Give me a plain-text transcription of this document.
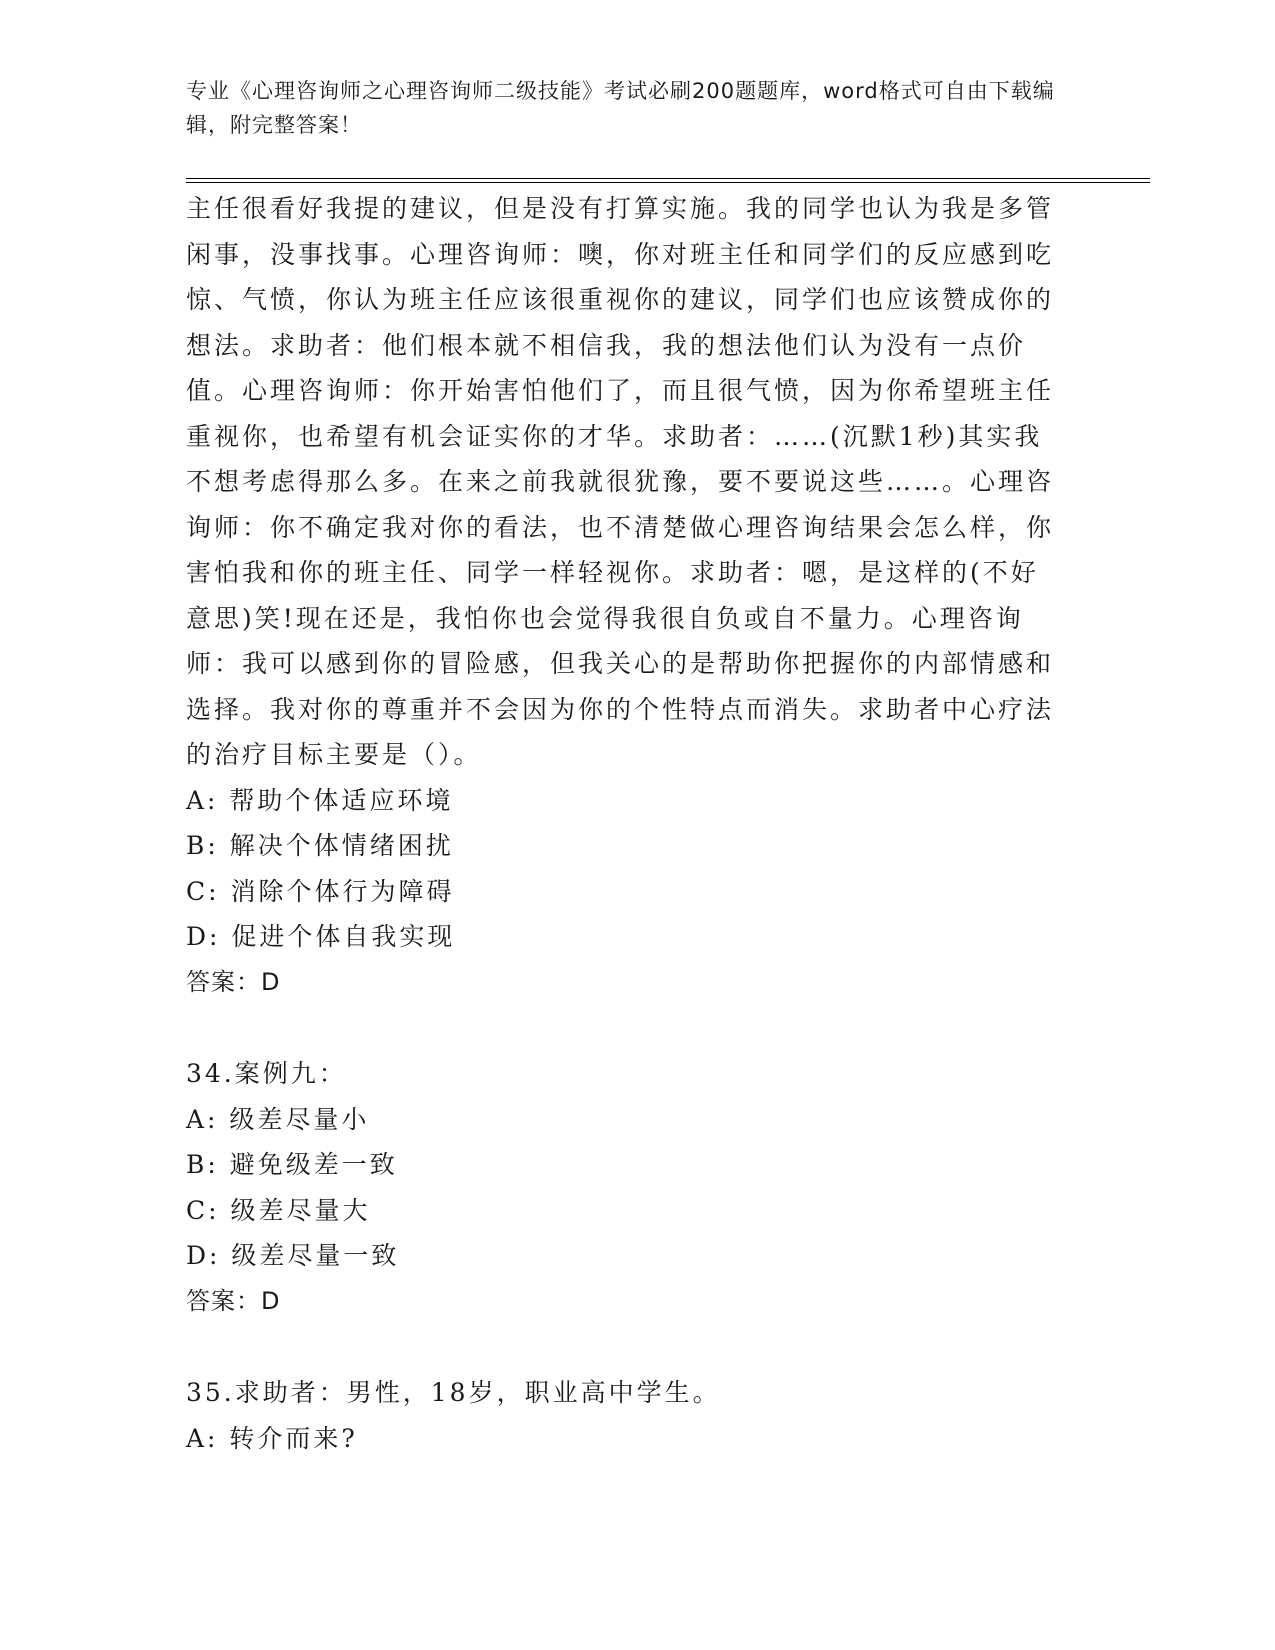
专业《心理咨询师之心理咨询师二级技能》考试必刷200题题库，word格式可自由下载编辑，附完整答案！

主任很看好我提的建议，但是没有打算实施。我的同学也认为我是多管闲事，没事找事。心理咨询师：噢，你对班主任和同学们的反应感到吃惊、气愤，你认为班主任应该很重视你的建议，同学们也应该赞成你的想法。求助者：他们根本就不相信我，我的想法他们认为没有一点价值。心理咨询师：你开始害怕他们了，而且很气愤，因为你希望班主任重视你，也希望有机会证实你的才华。求助者：……(沉默1秒)其实我不想考虑得那么多。在来之前我就很犹豫，要不要说这些……。心理咨询师：你不确定我对你的看法，也不清楚做心理咨询结果会怎么样，你害怕我和你的班主任、同学一样轻视你。求助者：嗯，是这样的(不好意思)笑!现在还是，我怕你也会觉得我很自负或自不量力。心理咨询师：我可以感到你的冒险感，但我关心的是帮助你把握你的内部情感和选择。我对你的尊重并不会因为你的个性特点而消失。求助者中心疗法的治疗目标主要是（）。

A: 帮助个体适应环境

B: 解决个体情绪困扰

C: 消除个体行为障碍

D: 促进个体自我实现

答案：D

34.案例九：

A: 级差尽量小

B: 避免级差一致

C: 级差尽量大

D: 级差尽量一致

答案：D

35.求助者：男性，18岁，职业高中学生。

A: 转介而来?
